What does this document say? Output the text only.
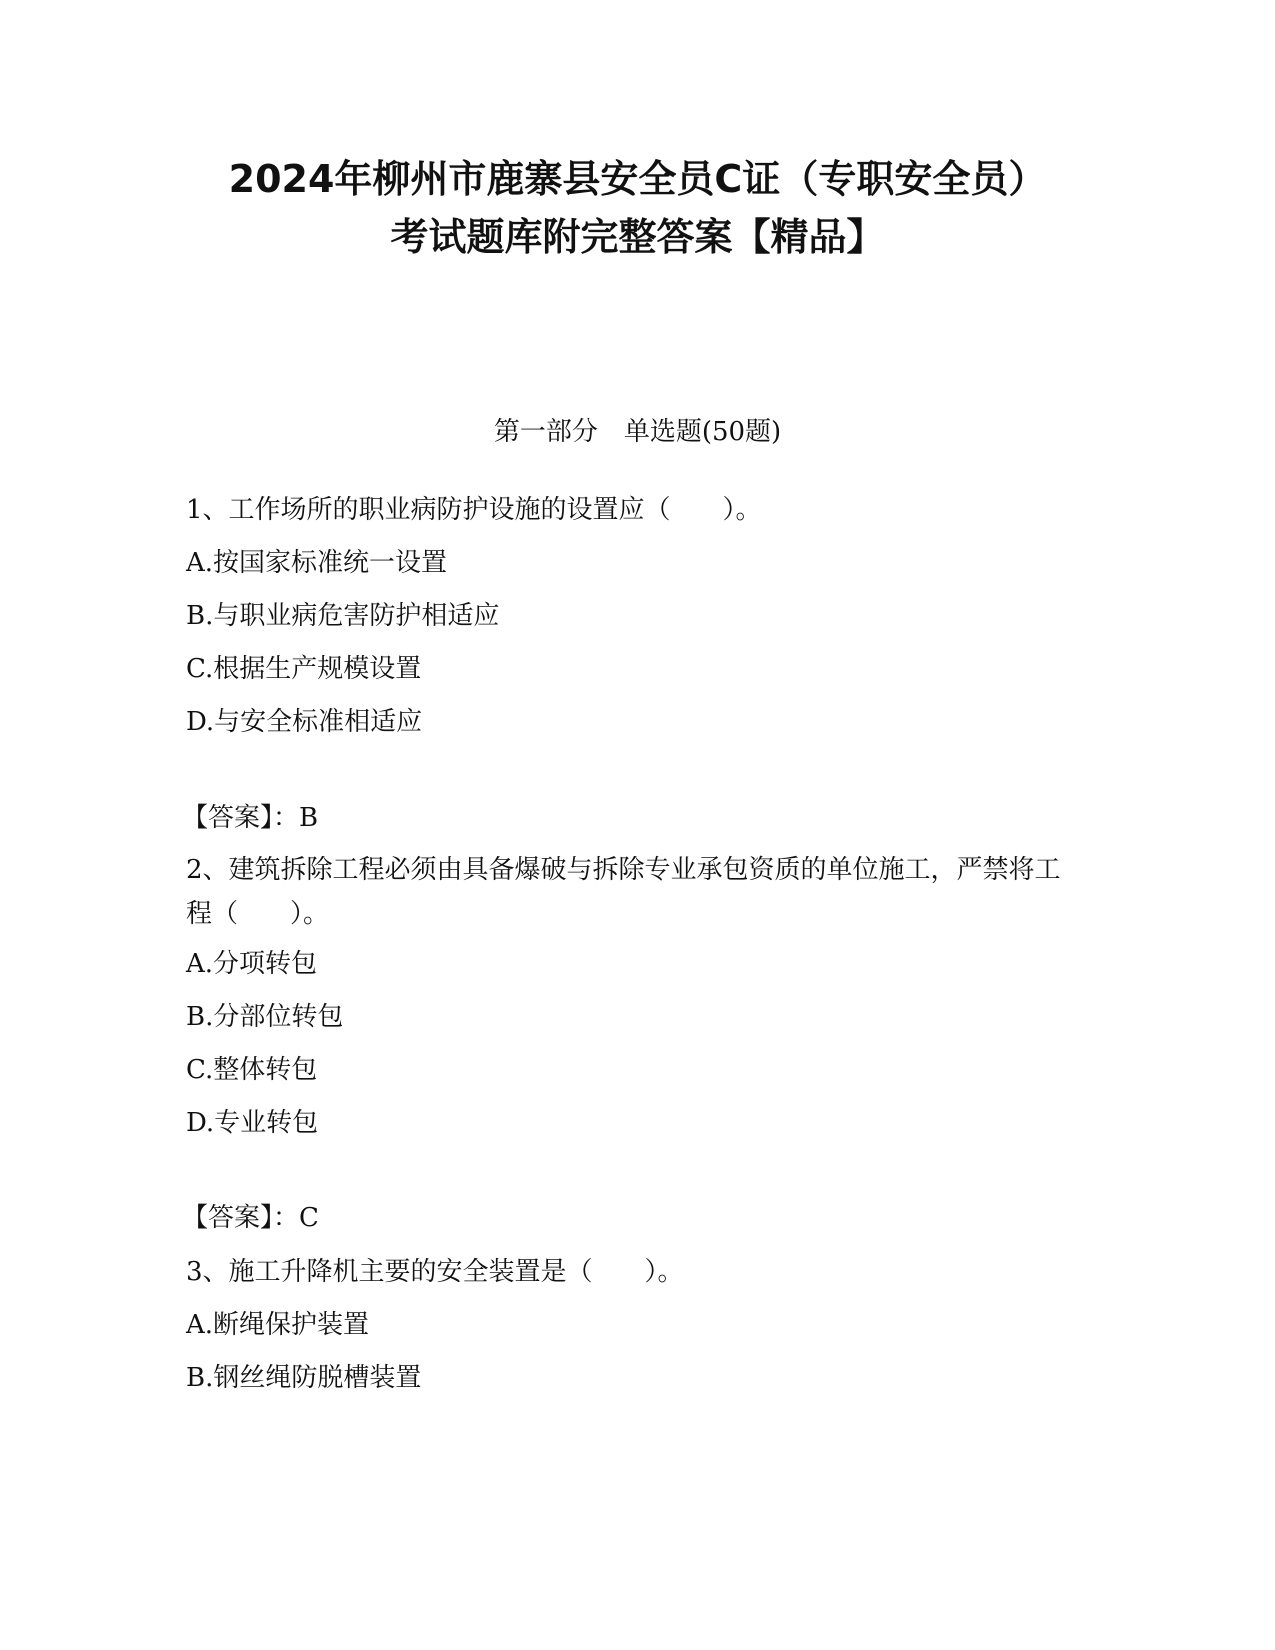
2024年柳州市鹿寨县安全员C证（专职安全员）
考试题库附完整答案【精品】
第一部分　单选题(50题)
1、工作场所的职业病防护设施的设置应（　　）。
A.按国家标准统一设置
B.与职业病危害防护相适应
C.根据生产规模设置
D.与安全标准相适应
【答案】：B
2、建筑拆除工程必须由具备爆破与拆除专业承包资质的单位施工，严禁将工程（　　）。
A.分项转包
B.分部位转包
C.整体转包
D.专业转包
【答案】：C
3、施工升降机主要的安全装置是（　　）。
A.断绳保护装置
B.钢丝绳防脱槽装置
